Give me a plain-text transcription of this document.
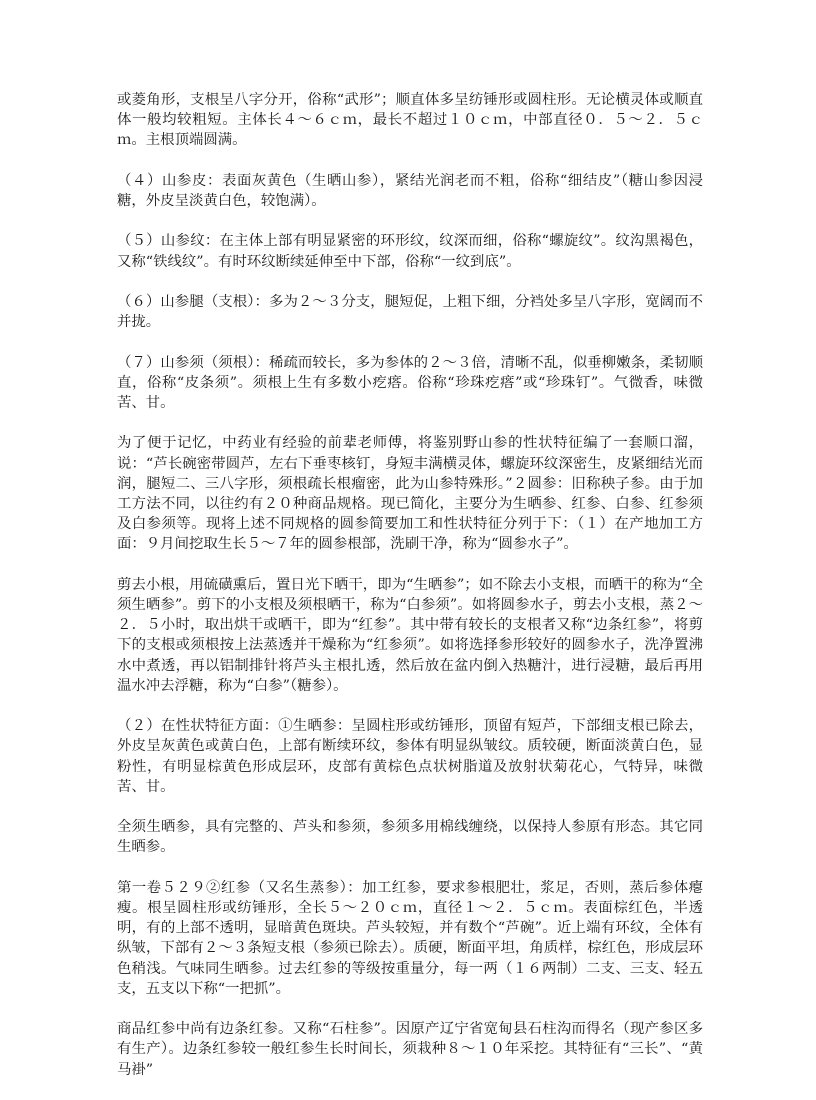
或菱角形，支根呈八字分开，俗称“武形”；顺直体多呈纺锤形或圆柱形。无论横灵体或顺直体一般均较粗短。主体长４～６ｃｍ，最长不超过１０ｃｍ，中部直径０．５～２．５ｃｍ。主根顶端圆满。

（４）山参皮：表面灰黄色（生晒山参），紧结光润老而不粗，俗称“细结皮”（糖山参因浸糖，外皮呈淡黄白色，较饱满）。

（５）山参纹：在主体上部有明显紧密的环形纹，纹深而细，俗称“螺旋纹”。纹沟黑褐色，又称“铁线纹”。有时环纹断续延伸至中下部，俗称“一纹到底”。

（６）山参腿（支根）：多为２～３分支，腿短促，上粗下细，分裆处多呈八字形，宽阔而不并拢。

（７）山参须（须根）：稀疏而较长，多为参体的２～３倍，清晰不乱，似垂柳嫩条，柔韧顺直，俗称“皮条须”。须根上生有多数小疙瘩。俗称“珍珠疙瘩”或“珍珠钉”。气微香，味微苦、甘。

为了便于记忆，中药业有经验的前辈老师傅，将鉴别野山参的性状特征编了一套顺口溜，说：“芦长碗密带圆芦，左右下垂枣核钉，身短丰满横灵体，螺旋环纹深密生，皮紧细结光而润，腿短二、三八字形，须根疏长根瘤密，此为山参特殊形。”２圆参：旧称秧子参。由于加工方法不同，以往约有２０种商品规格。现已简化，主要分为生晒参、红参、白参、红参须及白参须等。现将上述不同规格的圆参简要加工和性状特征分列于下：（１）在产地加工方面：９月间挖取生长５～７年的圆参根部，洗刷干净，称为“圆参水子”。

剪去小根，用硫磺熏后，置日光下晒干，即为“生晒参”；如不除去小支根，而晒干的称为“全须生晒参”。剪下的小支根及须根晒干，称为“白参须”。如将圆参水子，剪去小支根，蒸２～２．５小时，取出烘干或晒干，即为“红参”。其中带有较长的支根者又称“边条红参”，将剪下的支根或须根按上法蒸透并干燥称为“红参须”。如将选择参形较好的圆参水子，洗净置沸水中煮透，再以铝制排针将芦头主根扎透，然后放在盆内倒入热糖汁，进行浸糖，最后再用温水冲去浮糖，称为“白参”（糖参）。

（２）在性状特征方面：①生晒参：呈圆柱形或纺锤形，顶留有短芦，下部细支根已除去，外皮呈灰黄色或黄白色，上部有断续环纹，参体有明显纵皱纹。质较硬，断面淡黄白色，显粉性，有明显棕黄色形成层环，皮部有黄棕色点状树脂道及放射状菊花心，气特异，味微苦、甘。

全须生晒参，具有完整的、芦头和参须，参须多用棉线缠绕，以保持人参原有形态。其它同生晒参。

第一卷５２９②红参（又名生蒸参）：加工红参，要求参根肥壮，浆足，否则，蒸后参体瘪瘦。根呈圆柱形或纺锤形，全长５～２０ｃｍ，直径１～２．５ｃｍ。表面棕红色，半透明，有的上部不透明，显暗黄色斑块。芦头较短，并有数个“芦碗”。近上端有环纹，全体有纵皱，下部有２～３条短支根（参须已除去）。质硬，断面平坦，角质样，棕红色，形成层环色稍浅。气味同生晒参。过去红参的等级按重量分，每一两（１６两制）二支、三支、轻五支，五支以下称“一把抓”。

商品红参中尚有边条红参。又称“石柱参”。因原产辽宁省宽甸县石柱沟而得名（现产参区多有生产）。边条红参较一般红参生长时间长，须栽种８～１０年采挖。其特征有“三长”、“黄马褂”
